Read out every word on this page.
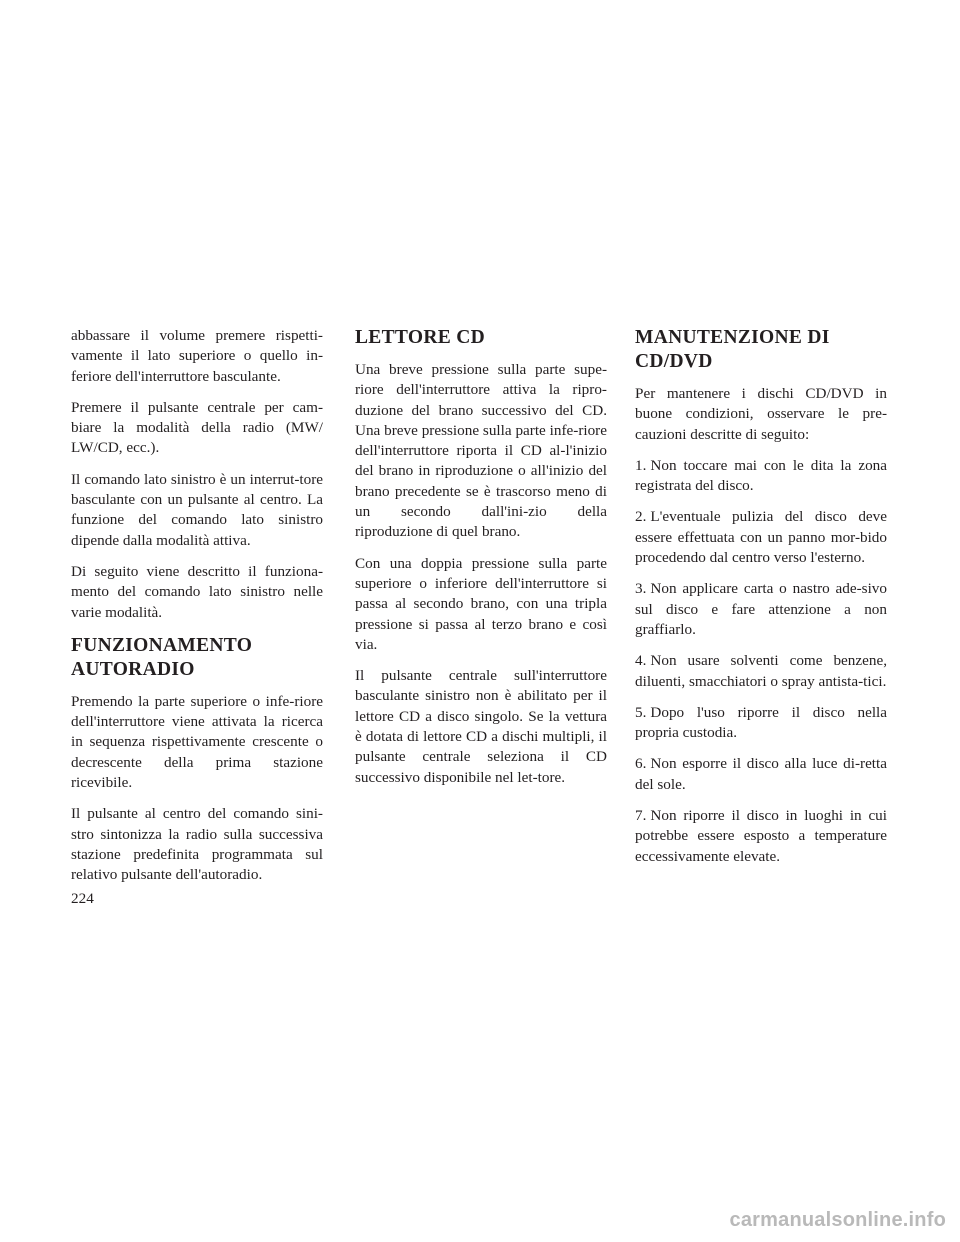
abbassare il volume premere rispetti-vamente il lato superiore o quello in-feriore dell'interruttore basculante.

Premere il pulsante centrale per cam-biare la modalità della radio (MW/ LW/CD, ecc.).

Il comando lato sinistro è un interrut-tore basculante con un pulsante al centro. La funzione del comando lato sinistro dipende dalla modalità attiva.

Di seguito viene descritto il funziona-mento del comando lato sinistro nelle varie modalità.

FUNZIONAMENTO AUTORADIO

Premendo la parte superiore o infe-riore dell'interruttore viene attivata la ricerca in sequenza rispettivamente crescente o decrescente della prima stazione ricevibile.

Il pulsante al centro del comando sini-stro sintonizza la radio sulla successiva stazione predefinita programmata sul relativo pulsante dell'autoradio.

LETTORE CD

Una breve pressione sulla parte supe-riore dell'interruttore attiva la ripro-duzione del brano successivo del CD. Una breve pressione sulla parte infe-riore dell'interruttore riporta il CD al-l'inizio del brano in riproduzione o all'inizio del brano precedente se è trascorso meno di un secondo dall'ini-zio della riproduzione di quel brano.

Con una doppia pressione sulla parte superiore o inferiore dell'interruttore si passa al secondo brano, con una tripla pressione si passa al terzo brano e così via.

Il pulsante centrale sull'interruttore basculante sinistro non è abilitato per il lettore CD a disco singolo. Se la vettura è dotata di lettore CD a dischi multipli, il pulsante centrale seleziona il CD successivo disponibile nel let-tore.

MANUTENZIONE DI CD/DVD

Per mantenere i dischi CD/DVD in buone condizioni, osservare le pre-cauzioni descritte di seguito:

1. Non toccare mai con le dita la zona registrata del disco.

2. L'eventuale pulizia del disco deve essere effettuata con un panno mor-bido procedendo dal centro verso l'esterno.

3. Non applicare carta o nastro ade-sivo sul disco e fare attenzione a non graffiarlo.

4. Non usare solventi come benzene, diluenti, smacchiatori o spray antista-tici.

5. Dopo l'uso riporre il disco nella propria custodia.

6. Non esporre il disco alla luce di-retta del sole.

7. Non riporre il disco in luoghi in cui potrebbe essere esposto a temperature eccessivamente elevate.

224
carmanualsonline.info
